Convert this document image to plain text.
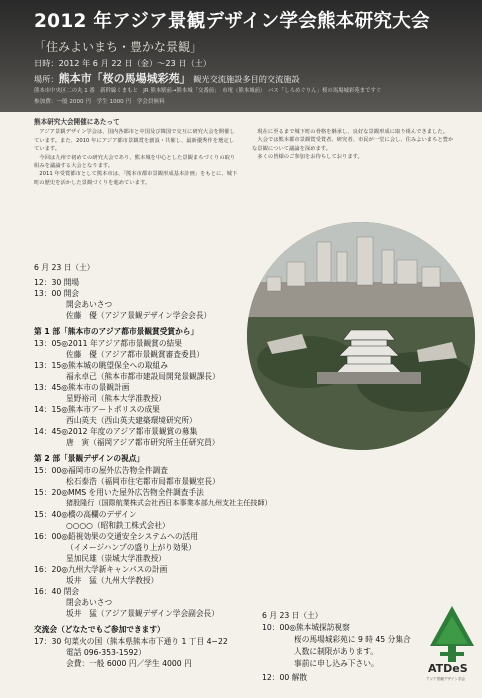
2012 年アジア景観デザイン学会熊本研究大会
「住みよいまち・豊かな景観」
日時：2012 年 6 月 22 日（金）〜23 日（土）
場所：熊本市「桜の馬場城彩苑」 観光交流施設多目的交流施設
熊本市中央区二の丸 1 番　新幹線くまもと　JR 熊本駅前→熊本城「交番前」　市電（熊本城前）　バス「しろめぐりん」桜の馬場城彩苑まですぐ
参加費：一般 2000 円　学生 1000 円　学会員無料
熊本研究大会開催にあたって

アジア景観デザイン学会は、国内各都市と中国及び韓国で交互に研究大会を開催しています。また、2010 年にアジア都市景観賞を創設・共催し、最新優秀作を選定しています。

今回は九州で初めての研究大会であり、熊本城を中心とした景観まちづくりの取り組みを議論する大会となります。

2011 年受賞都市として熊本市は、「熊本市都市景観形成基本計画」をもとに、城下町の歴史を活かした景観づくりを進めています。

現在に至るまで城下町の骨格を継承し、良好な景観形成に取り組んできました。

大会では熊本都市景観賞受賞者、研究者、市民が一堂に会し、住みよいまちと豊かな景観について議論を深めます。

多くの皆様のご参加をお待ちしております。

6 月 23 日（土）
12：30 開場
13：00 開会
開会あいさつ
佐藤　優（アジア景観デザイン学会会長）
第 1 部「熊本市のアジア都市景観賞受賞から」
13：05◎2011 年アジア都市景観賞の結果
佐藤　優（アジア都市景観賞審査委員）
13：15◎熊本城の眺望保全への取組み
福永卓己（熊本市都市建設局開発景観課長）
13：45◎熊本市の景観計画
星野裕司（熊本大学准教授）
14：15◎熊本市アートポリスの成果
西山英夫（西山英夫建築環境研究所）
14：45◎2012 年度のアジア都市景観賞の募集
唐　寅（福岡アジア都市研究所主任研究員）
第 2 部「景観デザインの視点」
15：00◎福岡市の屋外広告物全件調査
松石泰浩（福岡市住宅都市局都市景観室長）
15：20◎MMS を用いた屋外広告物全件調査手法
猪股隆行（国際航業株式会社西日本事業本部九州支社主任技師）
15：40◎橋の高欄のデザイン
○○○○（昭和鉄工株式会社）
16：00◎鉛視効果の交通安全システムへの活用
（イメージハンプの盛り上がり効果）
星加民雄（崇城大学准教授）
16：20◎九州大学新キャンパスの計画
坂井　猛（九州大学教授）
16：40 閉会
閉会あいさつ
坂井　猛（アジア景観デザイン学会副会長）
交流会（どなたでもご参加できます）
17：30 旬菜火の国（熊本県熊本市下通り 1 丁目 4−22
電話 096-353-1592）
会費：一般 6000 円／学生 4000 円
6 月 23 日（土）
10：00◎熊本城探訪視察
桜の馬場城彩苑に 9 時 45 分集合
人数に制限があります。
事前に申し込み下さい。
12：00 解散
ATDeS
アジア景観デザイン学会
